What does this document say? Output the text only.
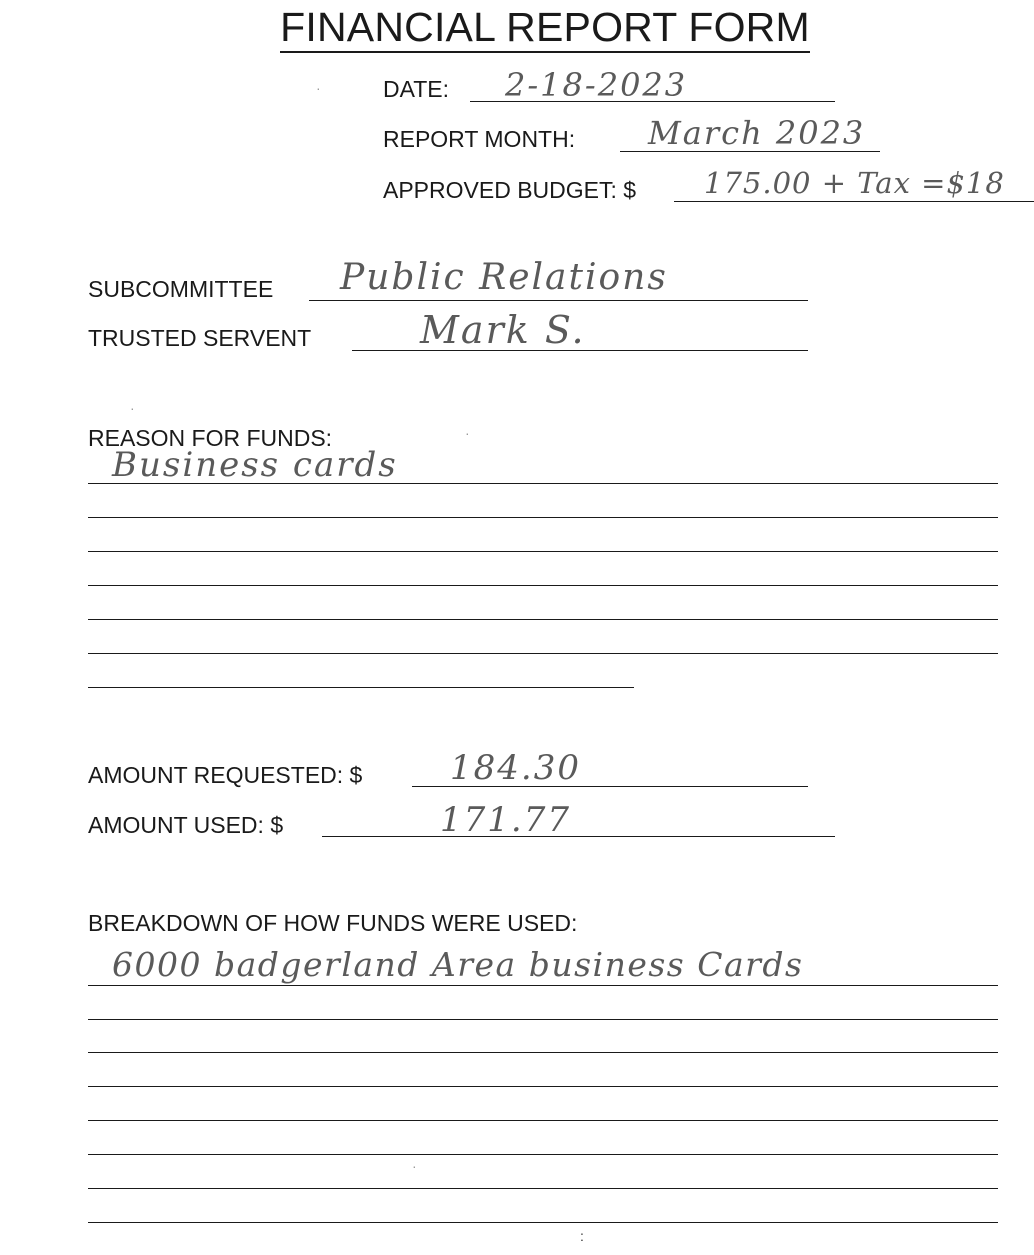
FINANCIAL REPORT FORM
DATE: 2-18-2023
REPORT MONTH: March 2023
APPROVED BUDGET: $ 175.00 + Tax =$18
SUBCOMMITTEE Public Relations
TRUSTED SERVENT	Mark S.
REASON FOR FUNDS:
Business cards
AMOUNT REQUESTED: $	184.30
AMOUNT USED: $	171.77
BREAKDOWN OF HOW FUNDS WERE USED:
6000 badgerland Area business Cards
·
·
·
·
:
